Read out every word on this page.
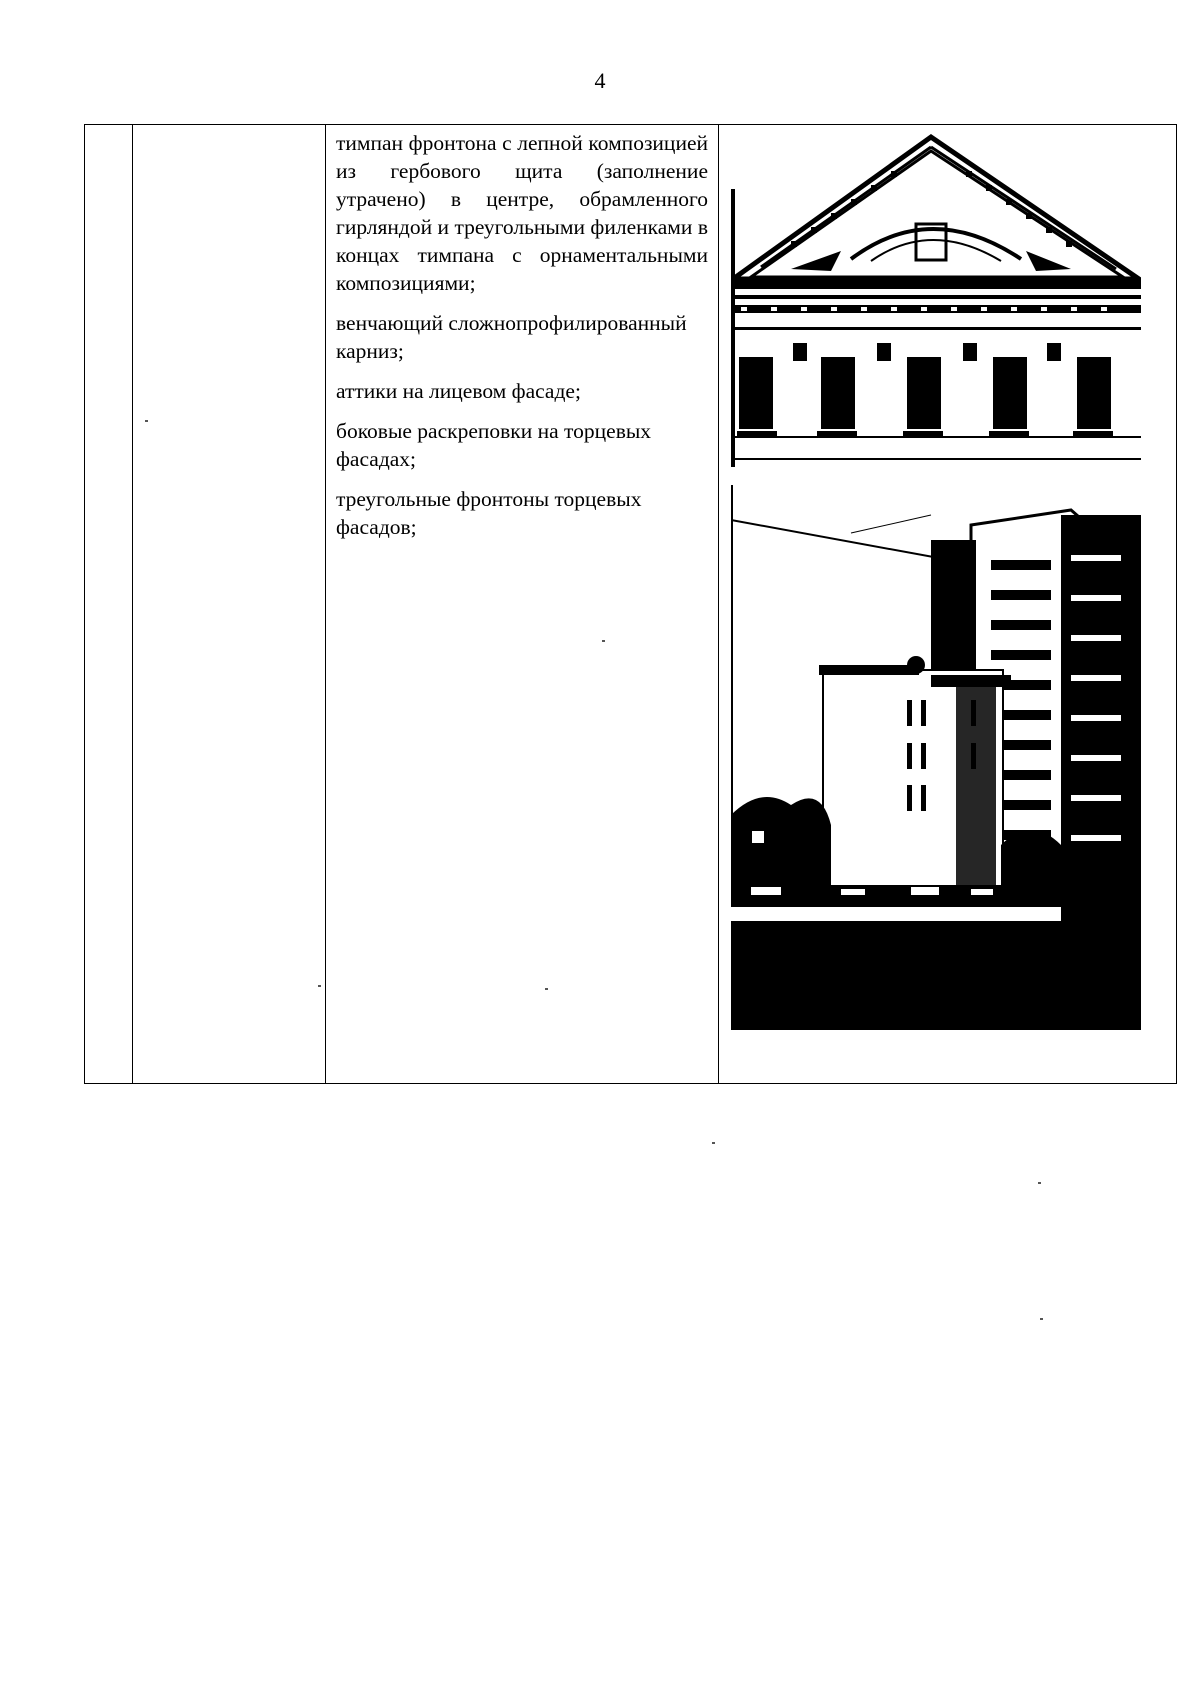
4

тимпан фронтона с лепной композицией из гербового щита (заполнение утрачено) в центре, обрамленного гирляндой и треугольными филенками в концах тимпана с орнаментальными композициями;

венчающий сложнопрофилированный карниз;

аттики на лицевом фасаде;

боковые раскреповки на торцевых фасадах;

треугольные фронтоны торцевых фасадов;
